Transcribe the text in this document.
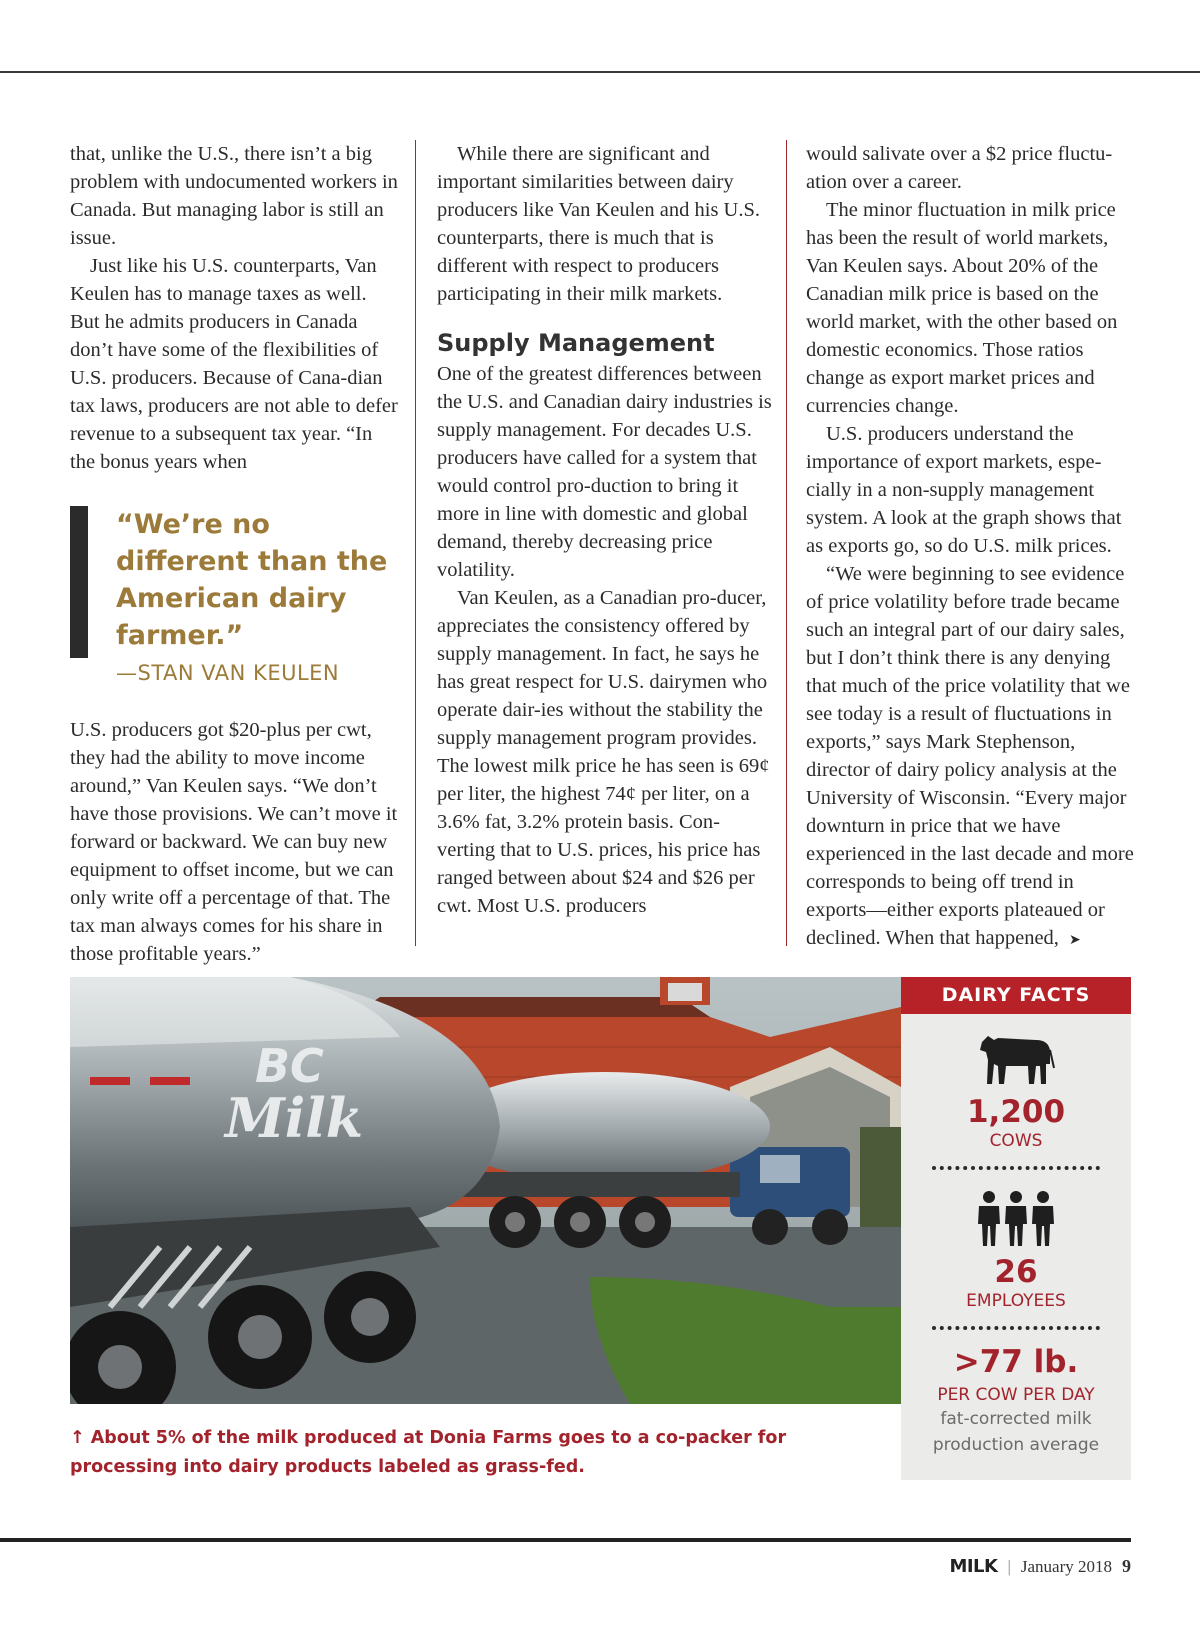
that, unlike the U.S., there isn’t a big problem with undocumented workers in Canada. But managing labor is still an issue.

Just like his U.S. counterparts, Van Keulen has to manage taxes as well. But he admits producers in Canada don’t have some of the flexibilities of U.S. producers. Because of Cana-dian tax laws, producers are not able to defer revenue to a subsequent tax year. “In the bonus years when

“We’re no different than the American dairy farmer.”
—STAN VAN KEULEN

U.S. producers got $20-plus per cwt, they had the ability to move income around,” Van Keulen says. “We don’t have those provisions. We can’t move it forward or backward. We can buy new equipment to offset income, but we can only write off a percentage of that. The tax man always comes for his share in those profitable years.”

While there are significant and important similarities between dairy producers like Van Keulen and his U.S. counterparts, there is much that is different with respect to producers participating in their milk markets.

Supply Management

One of the greatest differences between the U.S. and Canadian dairy industries is supply management. For decades U.S. producers have called for a system that would control pro-duction to bring it more in line with domestic and global demand, thereby decreasing price volatility.

Van Keulen, as a Canadian pro-ducer, appreciates the consistency offered by supply management. In fact, he says he has great respect for U.S. dairymen who operate dair-ies without the stability the supply management program provides. The lowest milk price he has seen is 69¢ per liter, the highest 74¢ per liter, on a 3.6% fat, 3.2% protein basis. Con-verting that to U.S. prices, his price has ranged between about $24 and $26 per cwt. Most U.S. producers

would salivate over a $2 price fluctu-ation over a career.

The minor fluctuation in milk price has been the result of world markets, Van Keulen says. About 20% of the Canadian milk price is based on the world market, with the other based on domestic economics. Those ratios change as export market prices and currencies change.

U.S. producers understand the importance of export markets, espe-cially in a non-supply management system. A look at the graph shows that as exports go, so do U.S. milk prices.

“We were beginning to see evidence of price volatility before trade became such an integral part of our dairy sales, but I don’t think there is any denying that much of the price volatility that we see today is a result of fluctuations in exports,” says Mark Stephenson, director of dairy policy analysis at the University of Wisconsin. “Every major downturn in price that we have experienced in the last decade and more corresponds to being off trend in exports—either exports plateaued or declined. When that happened, ➤

BC
Milk
↑ About 5% of the milk produced at Donia Farms goes to a co-packer for processing into dairy products labeled as grass-fed.
DAIRY FACTS
1,200
COWS
26
EMPLOYEES
>77 lb.
PER COW PER DAY
fat-corrected milk production average
MILK | January 2018 9
